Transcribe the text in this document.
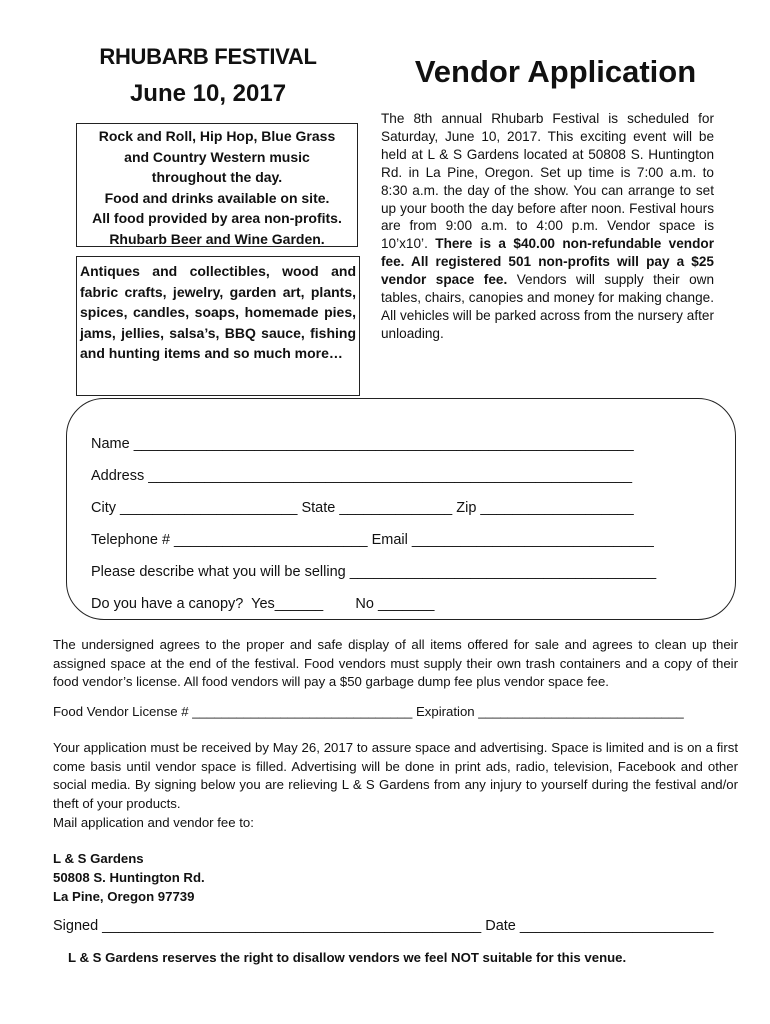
RHUBARB FESTIVAL
June 10, 2017
Vendor Application
Rock and Roll, Hip Hop, Blue Grass
and Country Western music
throughout the day.
Food and drinks available on site.
All food provided by area non-profits.
Rhubarb Beer and Wine Garden.
Antiques and collectibles, wood and fabric crafts, jewelry, garden art, plants, spices, candles, soaps, homemade pies, jams, jellies, salsa’s, BBQ sauce, fishing and hunting items and so much more…
The 8th annual Rhubarb Festival is scheduled for Saturday, June 10, 2017. This exciting event will be held at L & S Gardens located at 50808 S. Huntington Rd. in La Pine, Oregon. Set up time is 7:00 a.m. to 8:30 a.m. the day of the show. You can arrange to set up your booth the day before after noon. Festival hours are from 9:00 a.m. to 4:00 p.m. Vendor space is 10’x10’. There is a $40.00 non-refundable vendor fee. All registered 501 non-profits will pay a $25 vendor space fee. Vendors will supply their own tables, chairs, canopies and money for making change. All vehicles will be parked across from the nursery after unloading.
Name ______________________________________________________________
Address ____________________________________________________________
City ______________________ State ______________ Zip ___________________
Telephone # ________________________ Email ______________________________
Please describe what you will be selling ______________________________________
Do you have a canopy?  Yes______        No _______
The undersigned agrees to the proper and safe display of all items offered for sale and agrees to clean up their assigned space at the end of the festival. Food vendors must supply their own trash containers and a copy of their food vendor’s license. All food vendors will pay a $50 garbage dump fee plus vendor space fee.
Food Vendor License # ______________________________ Expiration ____________________________
Your application must be received by May 26, 2017 to assure space and advertising. Space is limited and is on a first come basis until vendor space is filled. Advertising will be done in print ads, radio, television, Facebook and other social media. By signing below you are relieving L & S Gardens from any injury to yourself during the festival and/or theft of your products.
Mail application and vendor fee to:
L & S Gardens
50808 S. Huntington Rd.
La Pine, Oregon 97739
Signed _______________________________________________ Date ________________________
L & S Gardens reserves the right to disallow vendors we feel NOT suitable for this venue.
